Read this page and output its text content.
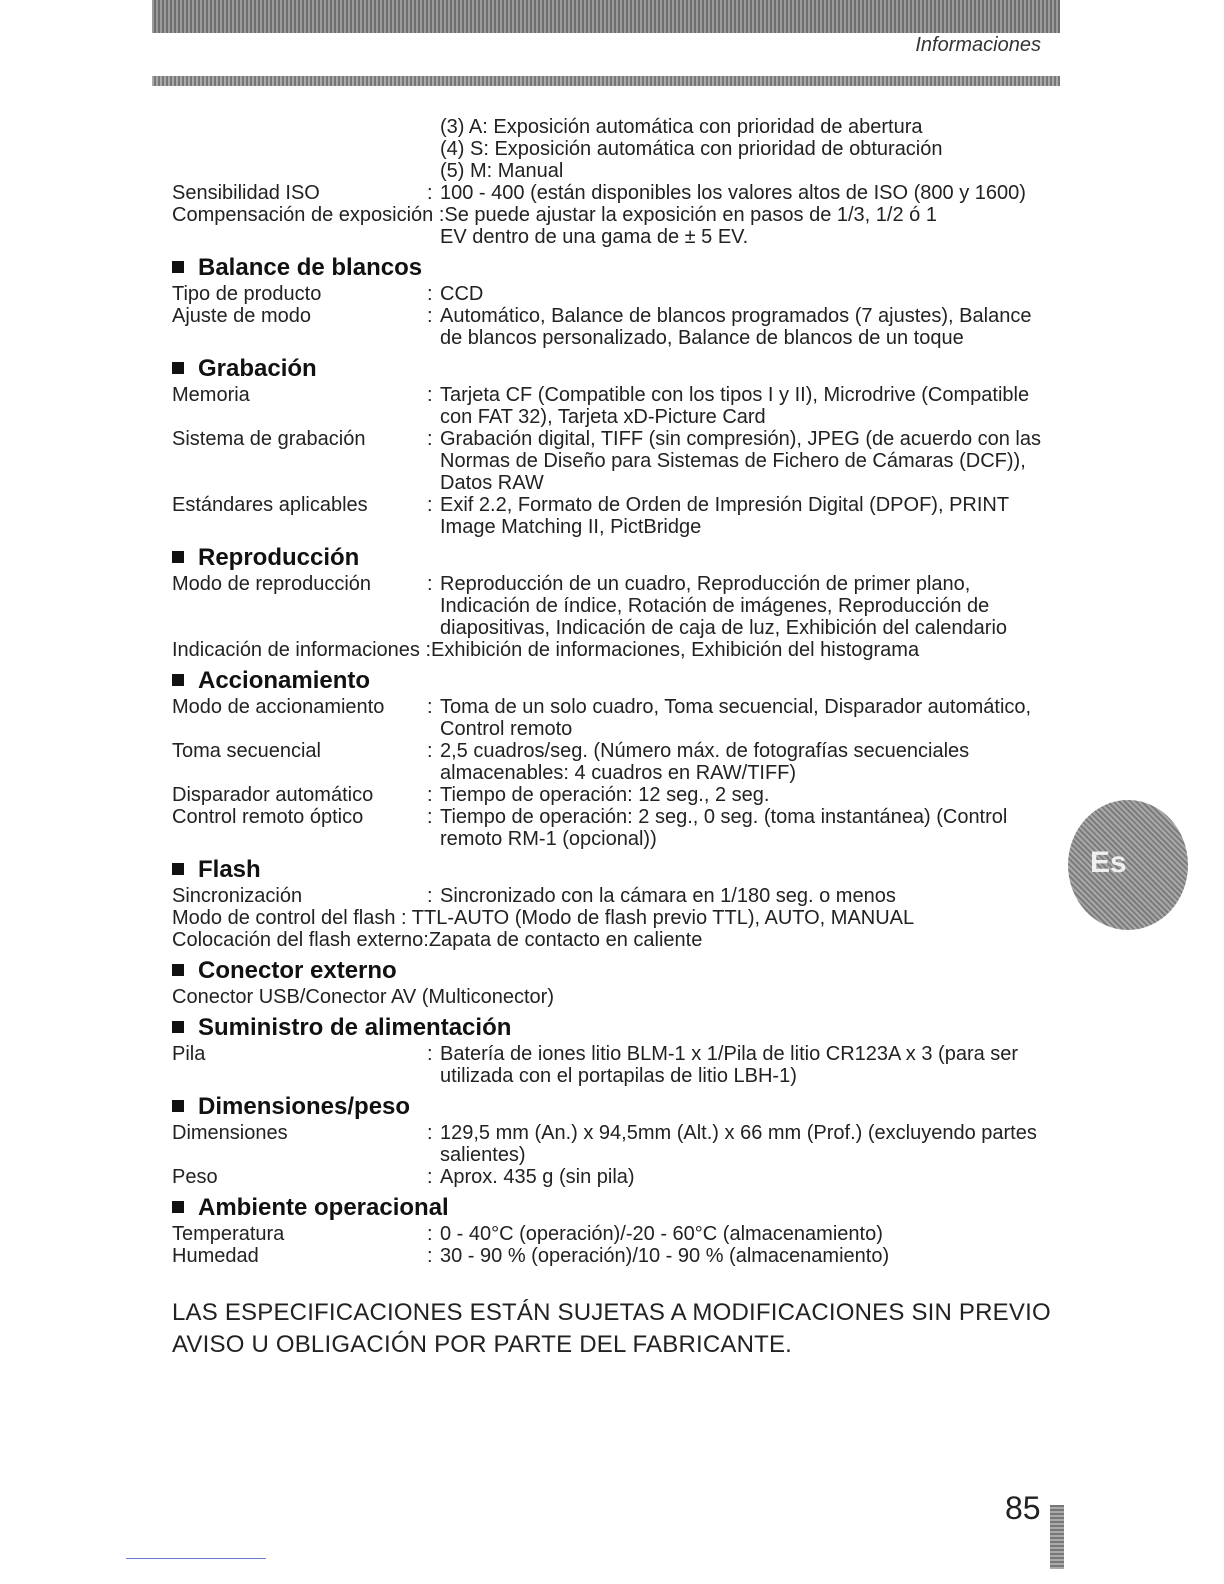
Informaciones
(3) A: Exposición automática con prioridad de abertura
(4) S: Exposición automática con prioridad de obturación
(5) M: Manual
Sensibilidad ISO	: 100 - 400 (están disponibles los valores altos de ISO (800 y 1600)
Compensación de exposición :Se puede ajustar la exposición en pasos de 1/3, 1/2 ó 1
EV dentro de una gama de ± 5 EV.
Balance de blancos
Tipo de producto	: CCD
Ajuste de modo	: Automático, Balance de blancos programados (7 ajustes), Balance de blancos personalizado, Balance de blancos de un toque
Grabación
Memoria	: Tarjeta CF (Compatible con los tipos I y II), Microdrive (Compatible con FAT 32), Tarjeta xD-Picture Card
Sistema de grabación	: Grabación digital, TIFF (sin compresión), JPEG (de acuerdo con las Normas de Diseño para Sistemas de Fichero de Cámaras (DCF)), Datos RAW
Estándares aplicables	: Exif 2.2, Formato de Orden de Impresión Digital (DPOF), PRINT Image Matching II, PictBridge
Reproducción
Modo de reproducción	: Reproducción de un cuadro, Reproducción de primer plano, Indicación de índice, Rotación de imágenes, Reproducción de diapositivas, Indicación de caja de luz, Exhibición del calendario
Indicación de informaciones :Exhibición de informaciones, Exhibición del histograma
Accionamiento
Modo de accionamiento	: Toma de un solo cuadro, Toma secuencial, Disparador automático, Control remoto
Toma secuencial	: 2,5 cuadros/seg. (Número máx. de fotografías secuenciales almacenables: 4 cuadros en RAW/TIFF)
Disparador automático	: Tiempo de operación: 12 seg., 2 seg.
Control remoto óptico	: Tiempo de operación: 2 seg., 0 seg. (toma instantánea) (Control remoto RM-1 (opcional))
Flash
Sincronización	: Sincronizado con la cámara en 1/180 seg. o menos
Modo de control del flash : TTL-AUTO (Modo de flash previo TTL), AUTO, MANUAL
Colocación del flash externo:Zapata de contacto en caliente
Conector externo
Conector USB/Conector AV (Multiconector)
Suministro de alimentación
Pila	: Batería de iones litio BLM-1 x 1/Pila de litio CR123A x 3 (para ser utilizada con el portapilas de litio LBH-1)
Dimensiones/peso
Dimensiones	: 129,5 mm (An.) x 94,5mm (Alt.) x 66 mm (Prof.) (excluyendo partes salientes)
Peso	: Aprox. 435 g (sin pila)
Ambiente operacional
Temperatura	: 0 - 40°C (operación)/-20 - 60°C (almacenamiento)
Humedad	: 30 - 90 % (operación)/10 - 90 % (almacenamiento)
LAS ESPECIFICACIONES ESTÁN SUJETAS A MODIFICACIONES SIN PREVIO AVISO U OBLIGACIÓN POR PARTE DEL FABRICANTE.
Es
85
